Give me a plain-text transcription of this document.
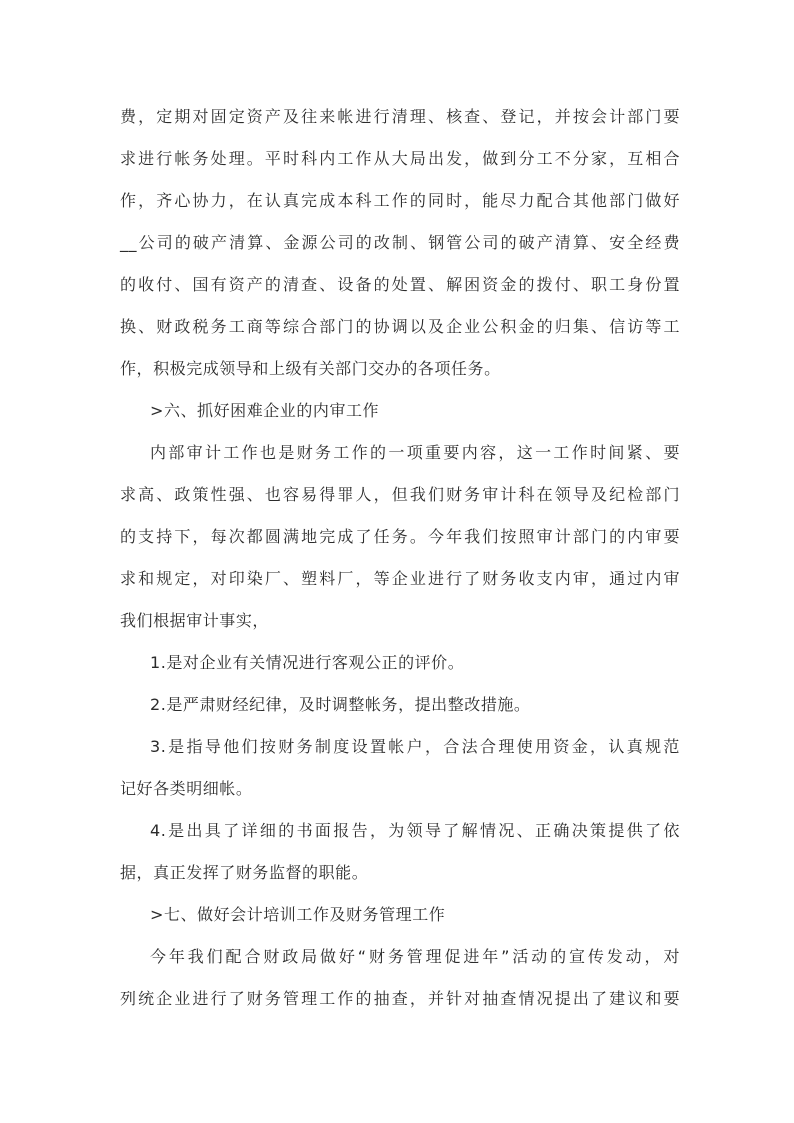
费，定期对固定资产及往来帐进行清理、核查、登记，并按会计部门要
求进行帐务处理。平时科内工作从大局出发，做到分工不分家，互相合
作，齐心协力，在认真完成本科工作的同时，能尽力配合其他部门做好
__公司的破产清算、金源公司的改制、钢管公司的破产清算、安全经费
的收付、国有资产的清查、设备的处置、解困资金的拨付、职工身份置
换、财政税务工商等综合部门的协调以及企业公积金的归集、信访等工
作，积极完成领导和上级有关部门交办的各项任务。
>六、抓好困难企业的内审工作
内部审计工作也是财务工作的一项重要内容，这一工作时间紧、要
求高、政策性强、也容易得罪人，但我们财务审计科在领导及纪检部门
的支持下，每次都圆满地完成了任务。今年我们按照审计部门的内审要
求和规定，对印染厂、塑料厂，等企业进行了财务收支内审，通过内审
我们根据审计事实，
1.是对企业有关情况进行客观公正的评价。
2.是严肃财经纪律，及时调整帐务，提出整改措施。
3.是指导他们按财务制度设置帐户，合法合理使用资金，认真规范
记好各类明细帐。
4.是出具了详细的书面报告，为领导了解情况、正确决策提供了依
据，真正发挥了财务监督的职能。
>七、做好会计培训工作及财务管理工作
今年我们配合财政局做好“财务管理促进年”活动的宣传发动，对
列统企业进行了财务管理工作的抽查，并针对抽查情况提出了建议和要
